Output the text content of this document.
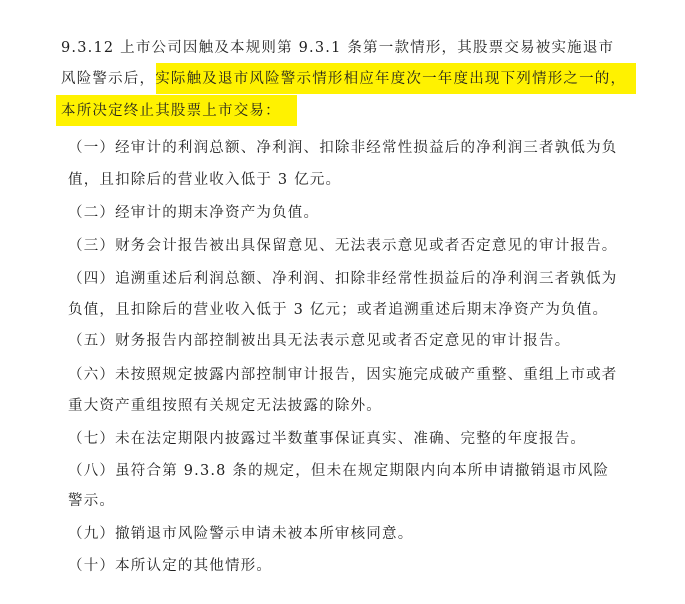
9.3.12 上市公司因触及本规则第 9.3.1 条第一款情形，其股票交易被实施退市
风险警示后，实际触及退市风险警示情形相应年度次一年度出现下列情形之一的，
本所决定终止其股票上市交易：
（一）经审计的利润总额、净利润、扣除非经常性损益后的净利润三者孰低为负
值，且扣除后的营业收入低于 3 亿元。
（二）经审计的期末净资产为负值。
（三）财务会计报告被出具保留意见、无法表示意见或者否定意见的审计报告。
（四）追溯重述后利润总额、净利润、扣除非经常性损益后的净利润三者孰低为
负值，且扣除后的营业收入低于 3 亿元；或者追溯重述后期末净资产为负值。
（五）财务报告内部控制被出具无法表示意见或者否定意见的审计报告。
（六）未按照规定披露内部控制审计报告，因实施完成破产重整、重组上市或者
重大资产重组按照有关规定无法披露的除外。
（七）未在法定期限内披露过半数董事保证真实、准确、完整的年度报告。
（八）虽符合第 9.3.8 条的规定，但未在规定期限内向本所申请撤销退市风险
警示。
（九）撤销退市风险警示申请未被本所审核同意。
（十）本所认定的其他情形。
